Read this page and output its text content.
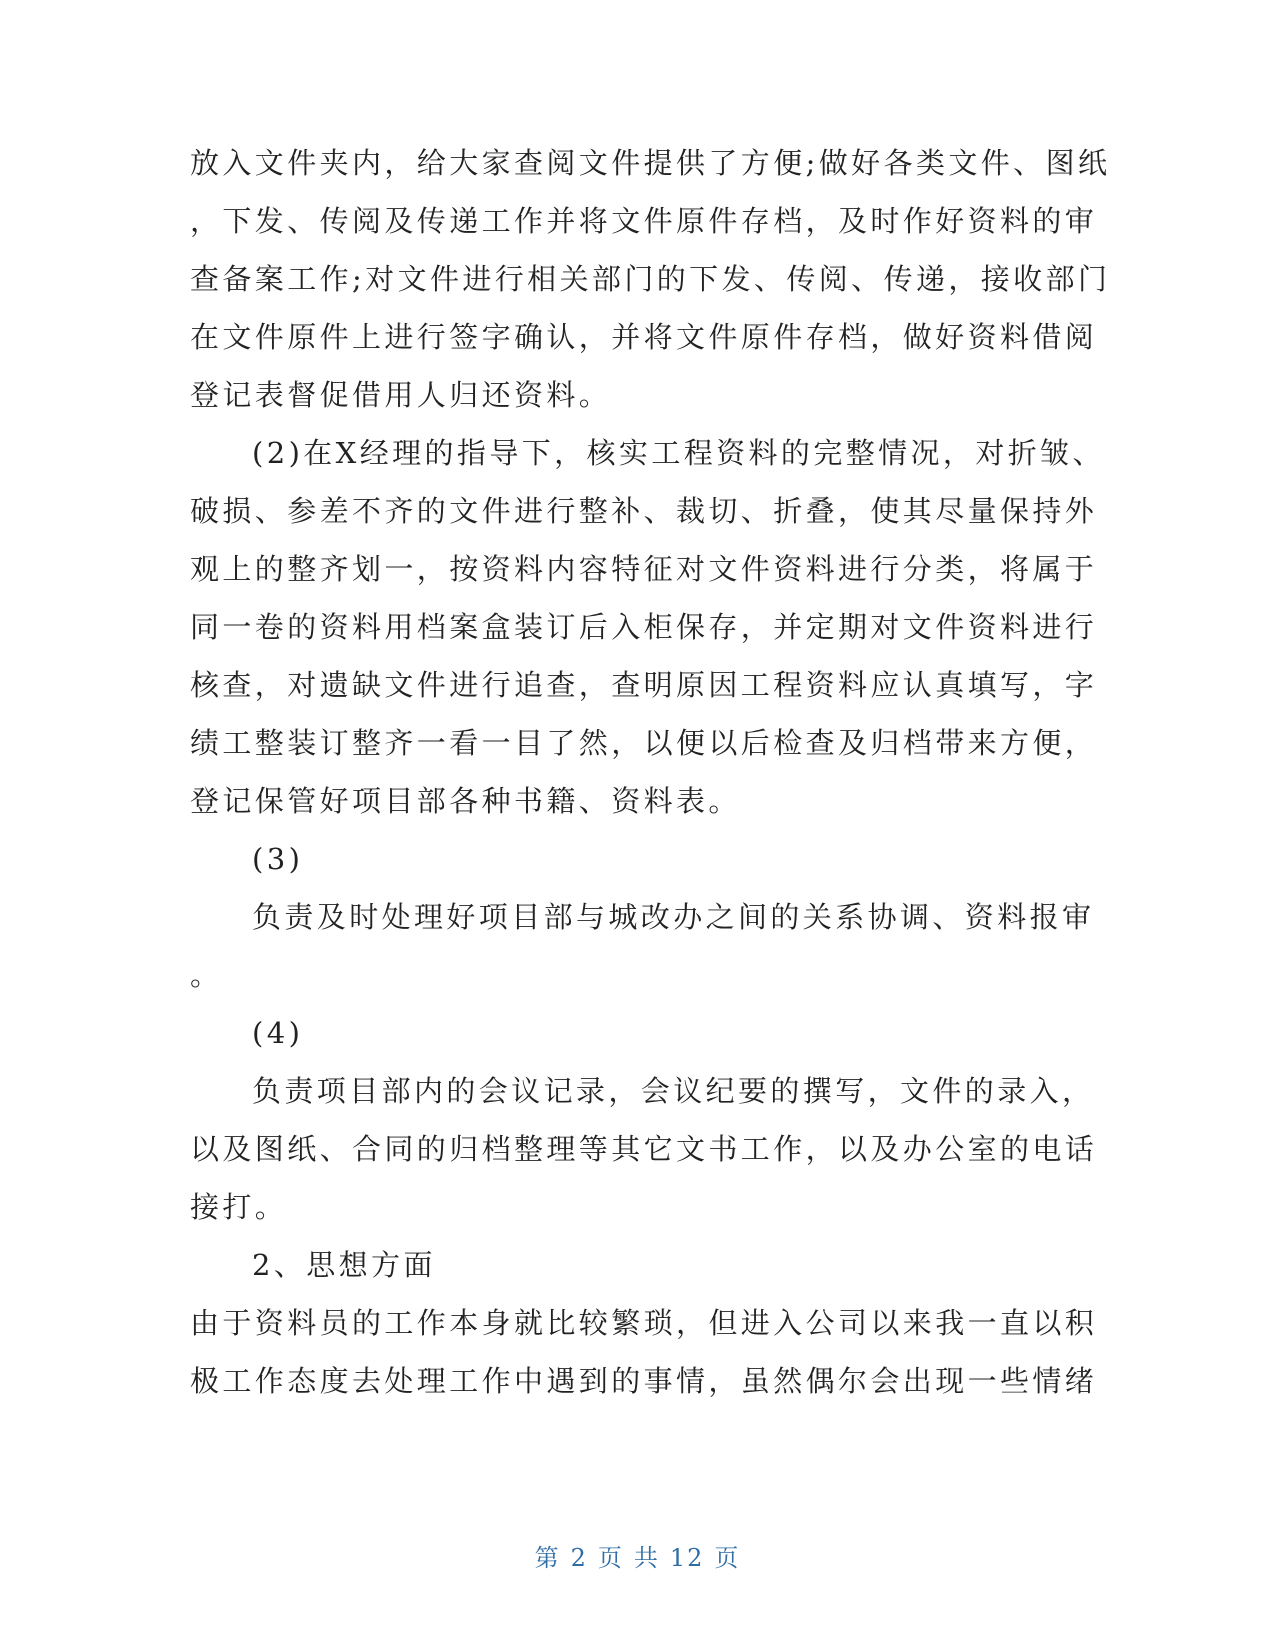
放入文件夹内，给大家查阅文件提供了方便;做好各类文件、图纸
，下发、传阅及传递工作并将文件原件存档，及时作好资料的审
查备案工作;对文件进行相关部门的下发、传阅、传递，接收部门
在文件原件上进行签字确认，并将文件原件存档，做好资料借阅
登记表督促借用人归还资料。
(2)在X经理的指导下，核实工程资料的完整情况，对折皱、
破损、参差不齐的文件进行整补、裁切、折叠，使其尽量保持外
观上的整齐划一，按资料内容特征对文件资料进行分类，将属于
同一卷的资料用档案盒装订后入柜保存，并定期对文件资料进行
核查，对遗缺文件进行追查，查明原因工程资料应认真填写，字
绩工整装订整齐一看一目了然，以便以后检查及归档带来方便，
登记保管好项目部各种书籍、资料表。
(3)
负责及时处理好项目部与城改办之间的关系协调、资料报审
。
(4)
负责项目部内的会议记录，会议纪要的撰写，文件的录入，
以及图纸、合同的归档整理等其它文书工作，以及办公室的电话
接打。
2、思想方面
由于资料员的工作本身就比较繁琐，但进入公司以来我一直以积
极工作态度去处理工作中遇到的事情，虽然偶尔会出现一些情绪
第 2 页 共 12 页
